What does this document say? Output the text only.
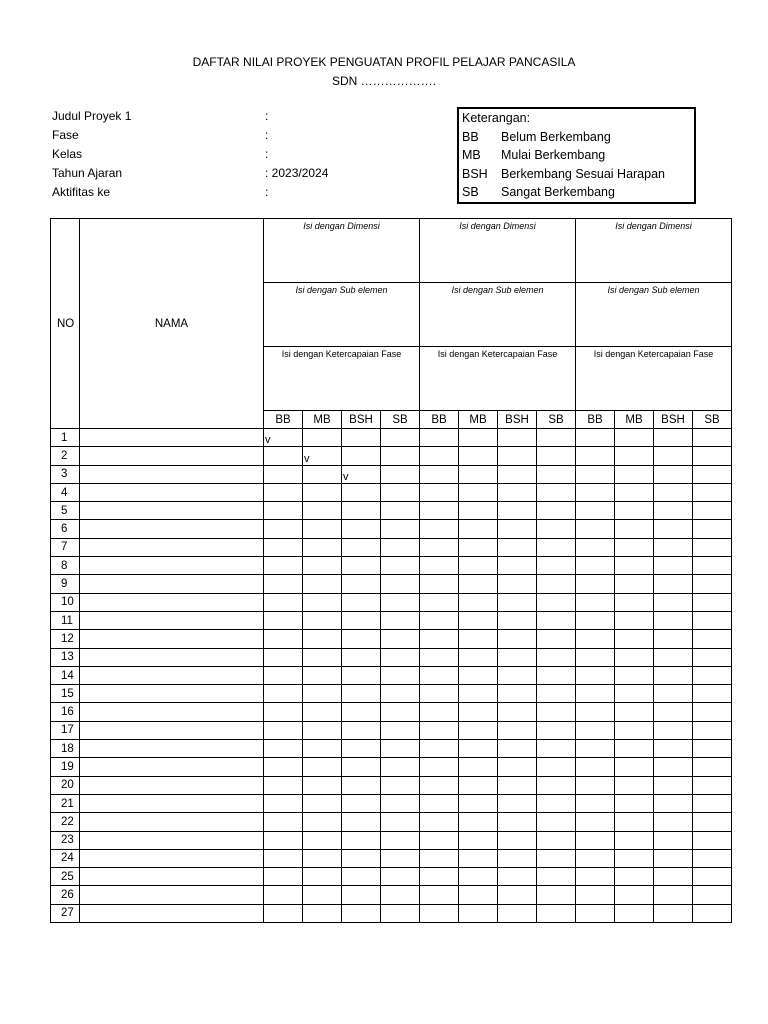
DAFTAR NILAI PROYEK PENGUATAN PROFIL PELAJAR PANCASILA
SDN ……………….
Judul Proyek 1	:
Fase	:
Kelas	:
Tahun Ajaran	: 2023/2024
Aktifitas ke	:
Keterangan:
BB Belum Berkembang
MB Mulai Berkembang
BSH Berkembang Sesuai Harapan
SB Sangat Berkembang
NO	NAMA	Isi dengan Dimensi				Isi dengan Dimensi				Isi dengan Dimensi			
		Isi dengan Sub elemen				Isi dengan Sub elemen				Isi dengan Sub elemen			
		Isi dengan Ketercapaian Fase				Isi dengan Ketercapaian Fase				Isi dengan Ketercapaian Fase			
		BB	MB	BSH	SB	BB	MB	BSH	SB	BB	MB	BSH	SB
1		v											
2			v										
3				v									
4													
5													
6													
7													
8													
9													
10													
11													
12													
13													
14													
15													
16													
17													
18													
19													
20													
21													
22													
23													
24													
25													
26													
27													
